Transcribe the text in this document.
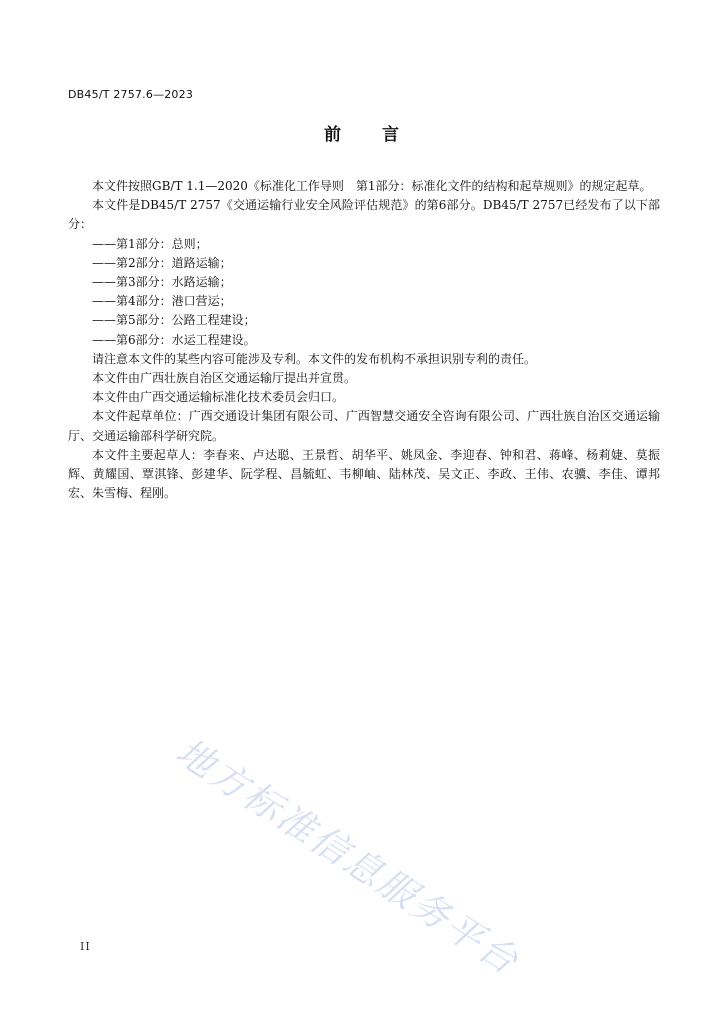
DB45/T 2757.6—2023
前 言

本文件按照GB/T 1.1—2020《标准化工作导则　第1部分：标准化文件的结构和起草规则》的规定起草。

本文件是DB45/T 2757《交通运输行业安全风险评估规范》的第6部分。DB45/T 2757已经发布了以下部分：

——第1部分：总则；

——第2部分：道路运输；

——第3部分：水路运输；

——第4部分：港口营运；

——第5部分：公路工程建设；

——第6部分：水运工程建设。

请注意本文件的某些内容可能涉及专利。本文件的发布机构不承担识别专利的责任。

本文件由广西壮族自治区交通运输厅提出并宣贯。

本文件由广西交通运输标准化技术委员会归口。

本文件起草单位：广西交通设计集团有限公司、广西智慧交通安全咨询有限公司、广西壮族自治区交通运输厅、交通运输部科学研究院。

本文件主要起草人：李春来、卢达聪、王景哲、胡华平、姚凤金、李迎春、钟和君、蒋峰、杨莉婕、莫振辉、黄耀国、覃淇锋、彭建华、阮学程、昌毓虹、韦柳岫、陆林茂、吴文正、李政、王伟、农骥、李佳、谭邦宏、朱雪梅、程刚。

地方标准信息服务平台
II
